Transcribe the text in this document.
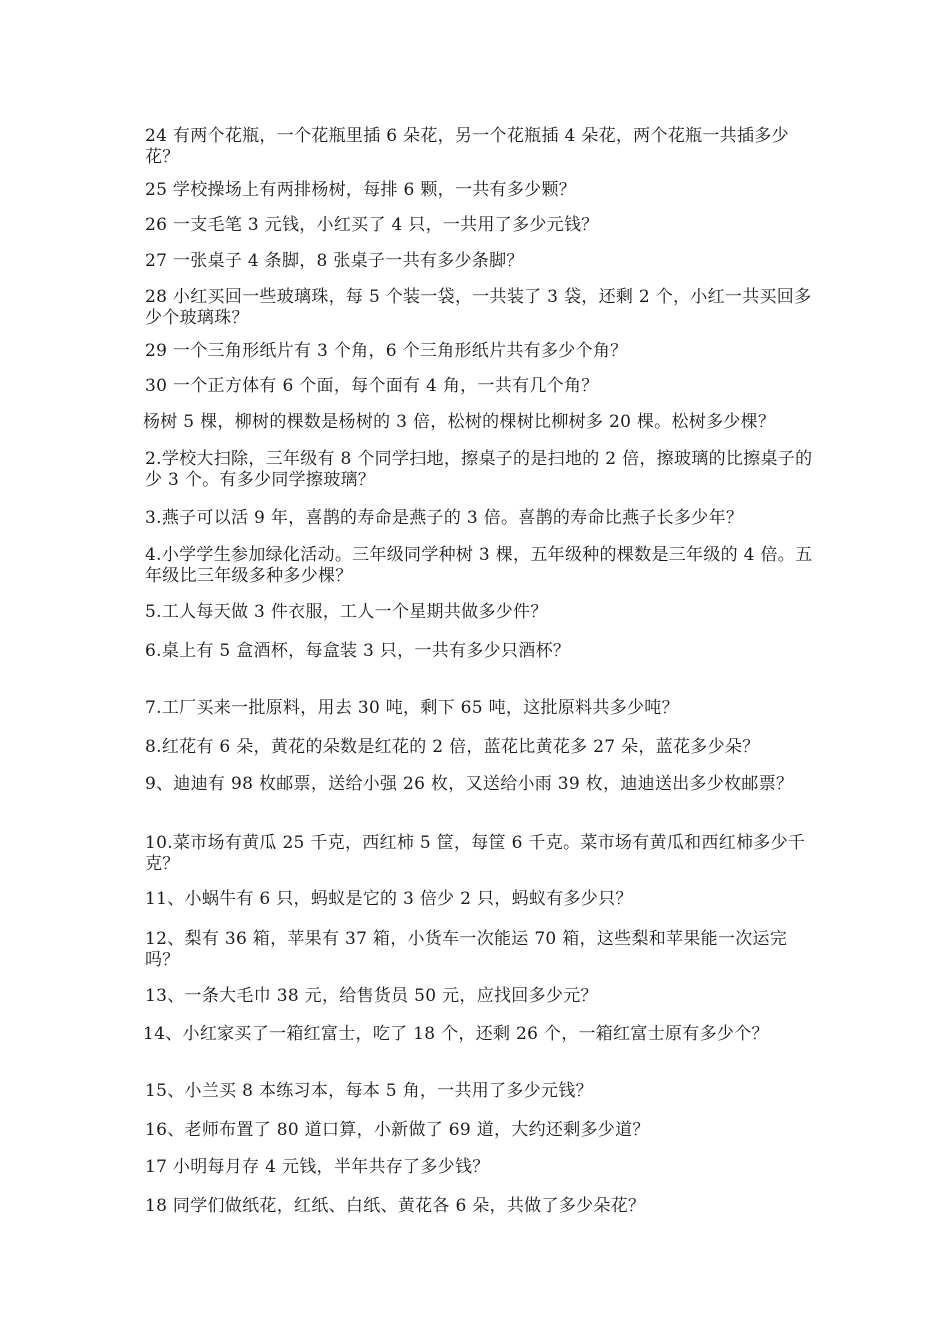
24 有两个花瓶，一个花瓶里插 6 朵花，另一个花瓶插 4 朵花，两个花瓶一共插多少花？

25 学校操场上有两排杨树，每排 6 颗，一共有多少颗？

26 一支毛笔 3 元钱，小红买了 4 只，一共用了多少元钱？

27 一张桌子 4 条脚，8 张桌子一共有多少条脚？

28 小红买回一些玻璃珠，每 5 个装一袋，一共装了 3 袋，还剩 2 个，小红一共买回多少个玻璃珠？

29 一个三角形纸片有 3 个角，6 个三角形纸片共有多少个角？

30 一个正方体有 6 个面，每个面有 4 角，一共有几个角？

杨树 5 棵，柳树的棵数是杨树的 3 倍，松树的棵树比柳树多 20 棵。松树多少棵？

2.学校大扫除，三年级有 8 个同学扫地，擦桌子的是扫地的 2 倍，擦玻璃的比擦桌子的少 3 个。有多少同学擦玻璃？

3.燕子可以活 9 年，喜鹊的寿命是燕子的 3 倍。喜鹊的寿命比燕子长多少年？

4.小学学生参加绿化活动。三年级同学种树 3 棵，五年级种的棵数是三年级的 4 倍。五年级比三年级多种多少棵？

5.工人每天做 3 件衣服，工人一个星期共做多少件？

6.桌上有 5 盒酒杯，每盒装 3 只，一共有多少只酒杯？

7.工厂买来一批原料，用去 30 吨，剩下 65 吨，这批原料共多少吨？

8.红花有 6 朵，黄花的朵数是红花的 2 倍，蓝花比黄花多 27 朵，蓝花多少朵？

9、迪迪有 98 枚邮票，送给小强 26 枚，又送给小雨 39 枚，迪迪送出多少枚邮票？

10.菜市场有黄瓜 25 千克，西红柿 5 筐，每筐 6 千克。菜市场有黄瓜和西红柿多少千克？

11、小蜗牛有 6 只，蚂蚁是它的 3 倍少 2 只，蚂蚁有多少只？

12、梨有 36 箱，苹果有 37 箱，小货车一次能运 70 箱，这些梨和苹果能一次运完吗？

13、一条大毛巾 38 元，给售货员 50 元，应找回多少元？

14、小红家买了一箱红富士，吃了 18 个，还剩 26 个，一箱红富士原有多少个？

15、小兰买 8 本练习本，每本 5 角，一共用了多少元钱？

16、老师布置了 80 道口算，小新做了 69 道，大约还剩多少道？

17 小明每月存 4 元钱，半年共存了多少钱？

18 同学们做纸花，红纸、白纸、黄花各 6 朵，共做了多少朵花？
